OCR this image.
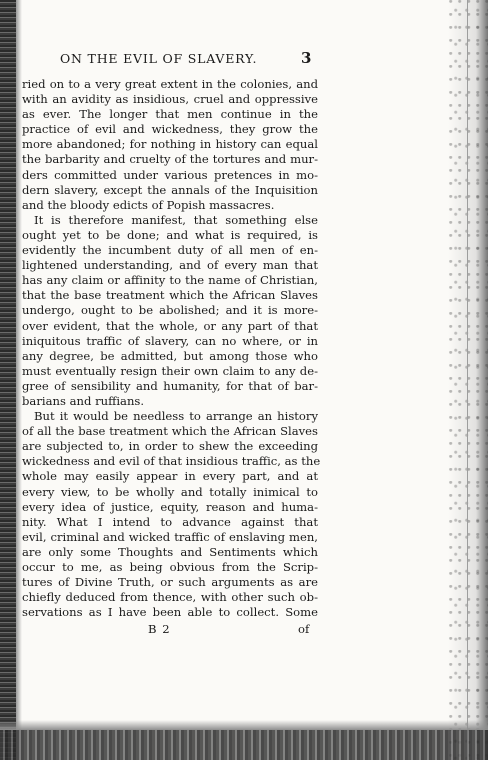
ON THE EVIL OF SLAVERY.	3
ried on to a very great extent in the colonies, and
with an avidity as insidious, cruel and oppressive
as ever. The longer that men continue in the
practice of evil and wickedness, they grow the
more abandoned; for nothing in history can equal
the barbarity and cruelty of the tortures and mur-
ders committed under various pretences in mo-
dern slavery, except the annals of the Inquisition
and the bloody edicts of Popish massacres.
It is therefore manifest, that something else
ought yet to be done; and what is required, is
evidently the incumbent duty of all men of en-
lightened understanding, and of every man that
has any claim or affinity to the name of Christian,
that the base treatment which the African Slaves
undergo, ought to be abolished; and it is more-
over evident, that the whole, or any part of that
iniquitous traffic of slavery, can no where, or in
any degree, be admitted, but among those who
must eventually resign their own claim to any de-
gree of sensibility and humanity, for that of bar-
barians and ruffians.
But it would be needless to arrange an history
of all the base treatment which the African Slaves
are subjected to, in order to shew the exceeding
wickedness and evil of that insidious traffic, as the
whole may easily appear in every part, and at
every view, to be wholly and totally inimical to
every idea of justice, equity, reason and huma-
nity. What I intend to advance against that
evil, criminal and wicked traffic of enslaving men,
are only some Thoughts and Sentiments which
occur to me, as being obvious from the Scrip-
tures of Divine Truth, or such arguments as are
chiefly deduced from thence, with other such ob-
servations as I have been able to collect. Some
B 2	of
